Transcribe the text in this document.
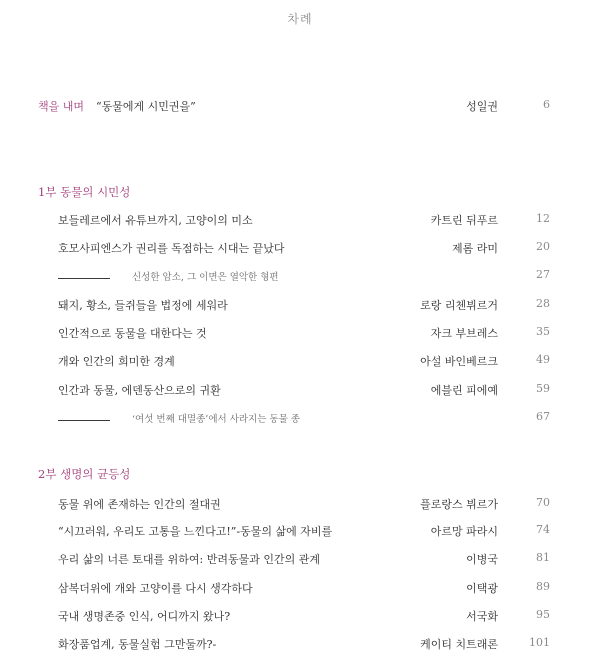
차례
책을 내며 “동물에게 시민권을”	성일권	6
1부 동물의 시민성
보들레르에서 유튜브까지, 고양이의 미소	카트린 뒤푸르	12
호모사피엔스가 권리를 독점하는 시대는 끝났다	제롬 라미	20
신성한 암소, 그 이면은 열악한 형편	27
돼지, 황소, 들쥐들을 법정에 세워라	로랑 리첸뷔르거	28
인간적으로 동물을 대한다는 것	자크 부브레스	35
개와 인간의 희미한 경계	아설 바인베르크	49
인간과 동물, 에덴동산으로의 귀환	에블린 피에예	59
‘여섯 번째 대멸종’에서 사라지는 동물 종	67
2부 생명의 균등성
동물 위에 존재하는 인간의 절대권	플로랑스 뷔르가	70
“시끄러워, 우리도 고통을 느낀다고!”-동물의 삶에 자비를	아르망 파라시	74
우리 삶의 너른 토대를 위하여: 반려동물과 인간의 관계	이병국	81
삼복더위에 개와 고양이를 다시 생각하다	이택광	89
국내 생명존중 인식, 어디까지 왔나?	서국화	95
화장품업계, 동물실험 그만둘까?-	케이티 치트래론	101
